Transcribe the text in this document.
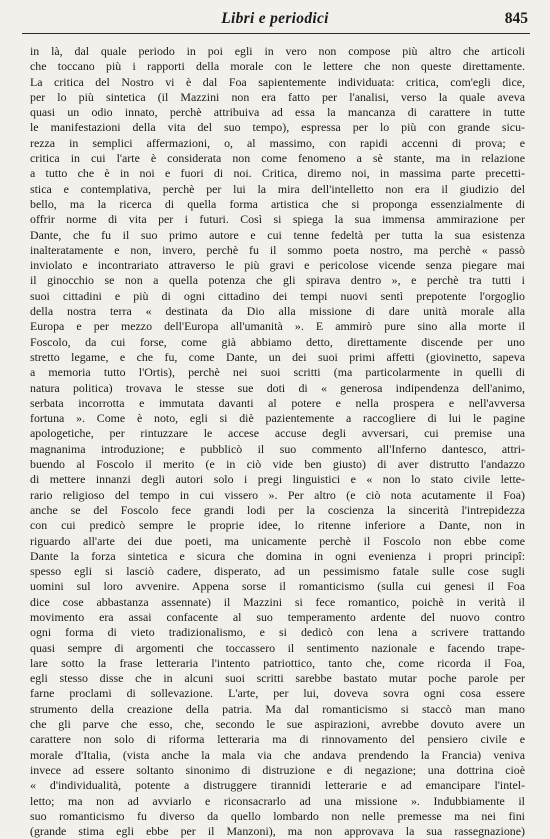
Libri e periodici	845
in là, dal quale periodo in poi egli in vero non compose più altro che articoli
che toccano più i rapporti della morale con le lettere che non queste direttamente.
La critica del Nostro vi è dal Foa sapientemente individuata: critica, com'egli dice,
per lo più sintetica (il Mazzini non era fatto per l'analisi, verso la quale aveva
quasi un odio innato, perchè attribuiva ad essa la mancanza di carattere in tutte
le manifestazioni della vita del suo tempo), espressa per lo più con grande sicu-
rezza in semplici affermazioni, o, al massimo, con rapidi accenni di prova; e
critica in cui l'arte è considerata non come fenomeno a sè stante, ma in relazione
a tutto che è in noi e fuori di noi. Critica, diremo noi, in massima parte precetti-
stica e contemplativa, perchè per lui la mira dell'intelletto non era il giudizio del
bello, ma la ricerca di quella forma artistica che si proponga essenzialmente di
offrir norme di vita per i futuri. Così si spiega la sua immensa ammirazione per
Dante, che fu il suo primo autore e cui tenne fedeltà per tutta la sua esistenza
inalteratamente e non, invero, perchè fu il sommo poeta nostro, ma perchè « passò
inviolato e incontrariato attraverso le più gravi e pericolose vicende senza piegare mai
il ginocchio se non a quella potenza che gli spirava dentro », e perchè tra tutti i
suoi cittadini e più di ogni cittadino dei tempi nuovi sentì prepotente l'orgoglio
della nostra terra « destinata da Dio alla missione di dare unità morale alla
Europa e per mezzo dell'Europa all'umanità ». E ammirò pure sino alla morte il
Foscolo, da cui forse, come già abbiamo detto, direttamente discende per uno
stretto legame, e che fu, come Dante, un dei suoi primi affetti (giovinetto, sapeva
a memoria tutto l'Ortis), perchè nei suoi scritti (ma particolarmente in quelli di
natura politica) trovava le stesse sue doti di « generosa indipendenza dell'animo,
serbata incorrotta e immutata davanti al potere e nella prospera e nell'avversa
fortuna ». Come è noto, egli si diè pazientemente a raccogliere di lui le pagine
apologetiche, per rintuzzare le accese accuse degli avversari, cui premise una
magnanima introduzione; e pubblicò il suo commento all'Inferno dantesco, attri-
buendo al Foscolo il merito (e in ciò vide ben giusto) di aver distrutto l'andazzo
di mettere innanzi degli autori solo i pregi linguistici e « non lo stato civile lette-
rario religioso del tempo in cui vissero ». Per altro (e ciò nota acutamente il Foa)
anche se del Foscolo fece grandi lodi per la coscienza la sincerità l'intrepidezza
con cui predicò sempre le proprie idee, lo ritenne inferiore a Dante, non in
riguardo all'arte dei due poeti, ma unicamente perchè il Foscolo non ebbe come
Dante la forza sintetica e sicura che domina in ogni evenienza i propri principî:
spesso egli si lasciò cadere, disperato, ad un pessimismo fatale sulle cose sugli
uomini sul loro avvenire. Appena sorse il romanticismo (sulla cui genesi il Foa
dice cose abbastanza assennate) il Mazzini si fece romantico, poichè in verità il
movimento era assai confacente al suo temperamento ardente del nuovo contro
ogni forma di vieto tradizionalismo, e si dedicò con lena a scrivere trattando
quasi sempre di argomenti che toccassero il sentimento nazionale e facendo trape-
lare sotto la frase letteraria l'intento patriottico, tanto che, come ricorda il Foa,
egli stesso disse che in alcuni suoi scritti sarebbe bastato mutar poche parole per
farne proclami di sollevazione. L'arte, per lui, doveva sovra ogni cosa essere
strumento della creazione della patria. Ma dal romanticismo si staccò man mano
che gli parve che esso, che, secondo le sue aspirazioni, avrebbe dovuto avere un
carattere non solo di riforma letteraria ma di rinnovamento del pensiero civile e
morale d'Italia, (vista anche la mala via che andava prendendo la Francia) veniva
invece ad essere soltanto sinonimo di distruzione e di negazione; una dottrina cioè
« d'individualità, potente a distruggere tirannidi letterarie e ad emancipare l'intel-
letto; ma non ad avviarlo e riconsacrarlo ad una missione ». Indubbiamente il
suo romanticismo fu diverso da quello lombardo non nelle premesse ma nei fini
(grande stima egli ebbe per il Manzoni), ma non approvava la sua rassegnazione)
